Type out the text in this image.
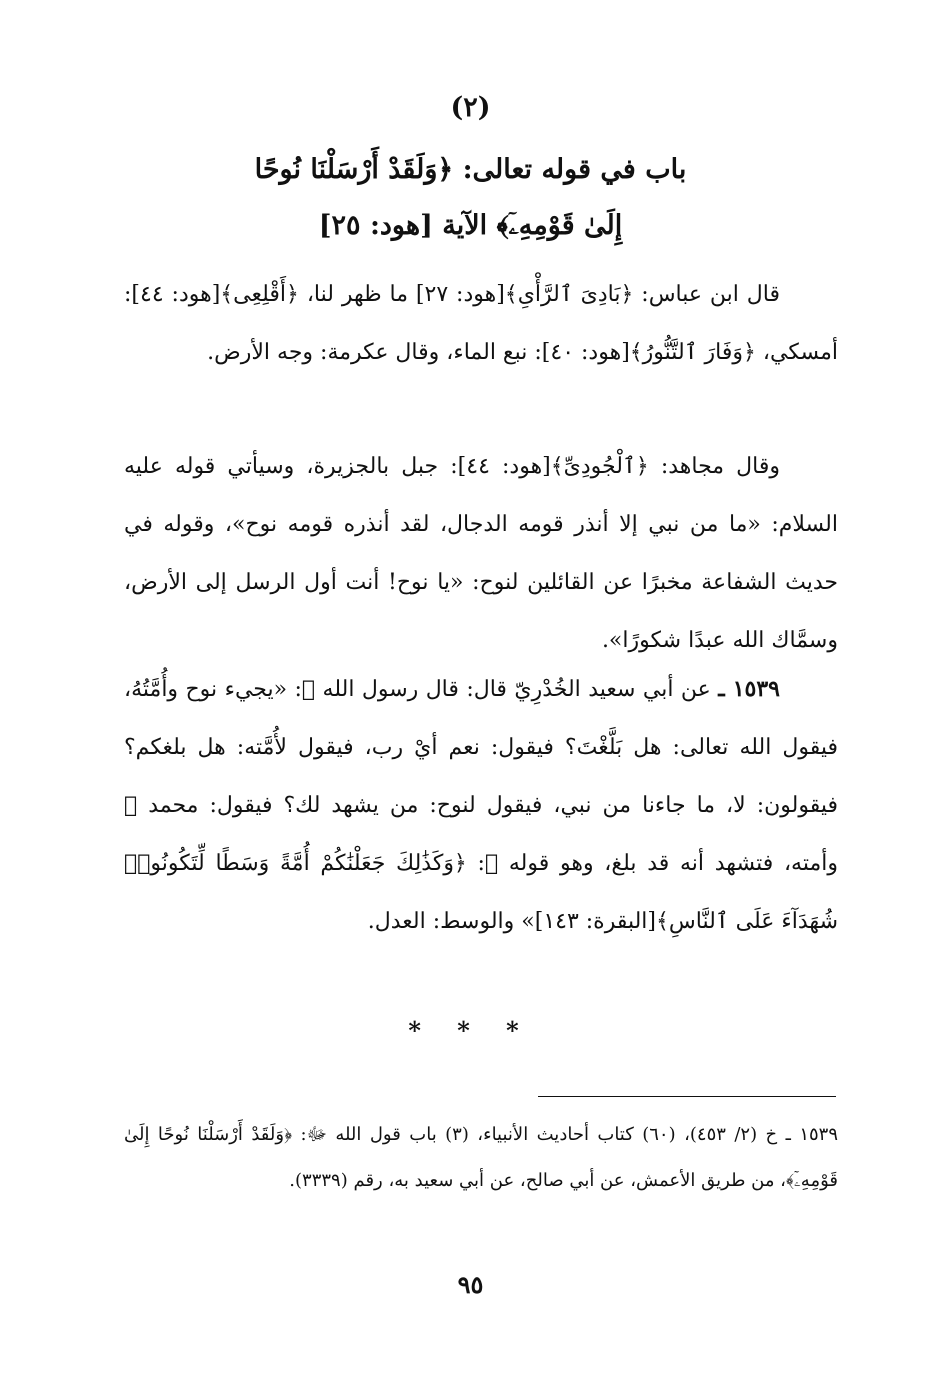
(٢)
باب في قوله تعالى: ﴿وَلَقَدْ أَرْسَلْنَا نُوحًا
إِلَىٰ قَوْمِهِۦٓ﴾ الآية [هود: ٢٥]
قال ابن عباس: ﴿بَادِىَ ٱلرَّأْىِ﴾[هود: ٢٧] ما ظهر لنا، ﴿أَقْلِعِى﴾[هود: ٤٤]: أمسكي، ﴿وَفَارَ ٱلتَّنُّورُ﴾[هود: ٤٠]: نبع الماء، وقال عكرمة: وجه الأرض.
وقال مجاهد: ﴿ٱلْجُودِىِّ﴾[هود: ٤٤]: جبل بالجزيرة، وسيأتي قوله عليه السلام: «ما من نبي إلا أنذر قومه الدجال، لقد أنذره قومه نوح»، وقوله في حديث الشفاعة مخبرًا عن القائلين لنوح: «يا نوح! أنت أول الرسل إلى الأرض، وسمَّاك الله عبدًا شكورًا».
١٥٣٩ ـ عن أبي سعيد الخُدْرِيّ قال: قال رسول الله ﷺ: «يجيء نوح وأُمَّتُهُ، فيقول الله تعالى: هل بَلَّغْتَ؟ فيقول: نعم أيْ رب، فيقول لأُمَّته: هل بلغكم؟ فيقولون: لا، ما جاءنا من نبي، فيقول لنوح: من يشهد لك؟ فيقول: محمد ﷺ وأمته، فتشهد أنه قد بلغ، وهو قوله ﷻ: ﴿وَكَذَٰلِكَ جَعَلْنَٰكُمْ أُمَّةً وَسَطًا لِّتَكُونُوا۟ شُهَدَآءَ عَلَى ٱلنَّاسِ﴾[البقرة: ١٤٣]» والوسط: العدل.
* * *
١٥٣٩ ـ خ (٢/ ٤٥٣)، (٦٠) كتاب أحاديث الأنبياء، (٣) باب قول الله ﷻ: ﴿وَلَقَدْ أَرْسَلْنَا نُوحًا إِلَىٰ قَوْمِهِۦٓ﴾، من طريق الأعمش، عن أبي صالح، عن أبي سعيد به، رقم (٣٣٣٩).
٩٥
